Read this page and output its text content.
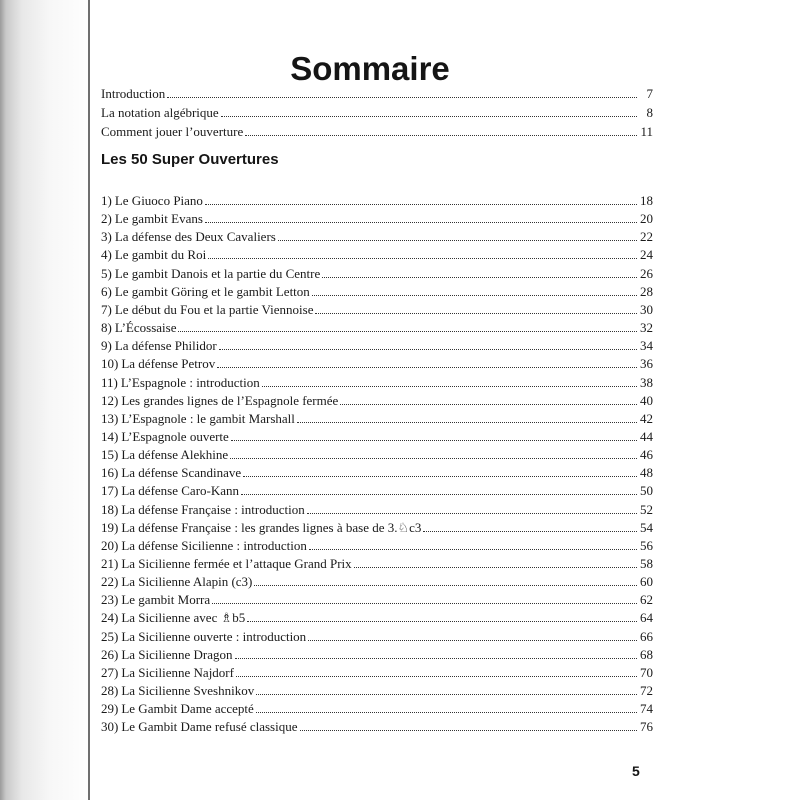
Sommaire
Introduction	7
La notation algébrique	8
Comment jouer l’ouverture	11
Les 50 Super Ouvertures
1) Le Giuoco Piano	18
2) Le gambit Evans	20
3) La défense des Deux Cavaliers	22
4) Le gambit du Roi	24
5) Le gambit Danois et la partie du Centre	26
6) Le gambit Göring et le gambit Letton	28
7) Le début du Fou et la partie Viennoise	30
8) L’Écossaise	32
9) La défense Philidor	34
10) La défense Petrov	36
11) L’Espagnole : introduction	38
12) Les grandes lignes de l’Espagnole fermée	40
13) L’Espagnole : le gambit Marshall	42
14) L’Espagnole ouverte	44
15) La défense Alekhine	46
16) La défense Scandinave	48
17) La défense Caro-Kann	50
18) La défense Française : introduction	52
19) La défense Française : les grandes lignes à base de 3.♘c3	54
20) La défense Sicilienne : introduction	56
21) La Sicilienne fermée et l’attaque Grand Prix	58
22) La Sicilienne Alapin (c3)	60
23) Le gambit Morra	62
24) La Sicilienne avec ♗b5	64
25) La Sicilienne ouverte : introduction	66
26) La Sicilienne Dragon	68
27) La Sicilienne Najdorf	70
28) La Sicilienne Sveshnikov	72
29) Le Gambit Dame accepté	74
30) Le Gambit Dame refusé classique	76
5
